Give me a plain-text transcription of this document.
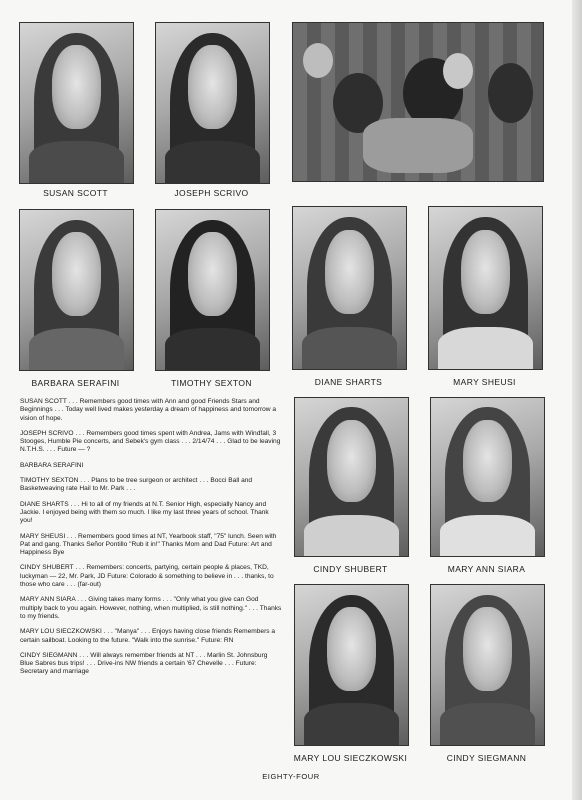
SUSAN SCOTT	JOSEPH SCRIVO
BARBARA SERAFINI	TIMOTHY SEXTON	DIANE SHARTS	MARY SHEUSI
CINDY SHUBERT	MARY ANN SIARA
MARY LOU SIECZKOWSKI	CINDY SIEGMANN

SUSAN SCOTT . . . Remembers good times with Ann and good Friends Stars and Beginnings . . . Today well lived makes yesterday a dream of happiness and tomorrow a vision of hope.

JOSEPH SCRIVO . . . Remembers good times spent with Andrea, Jams with Windfall, 3 Stooges, Humble Pie concerts, and Sebek's gym class . . . 2/14/74 . . . Glad to be leaving N.T.H.S. . . . Future — ?

BARBARA SERAFINI

TIMOTHY SEXTON . . . Plans to be tree surgeon or architect . . . Bocci Ball and Basketweaving rate Hail to Mr. Park . . .

DIANE SHARTS . . . Hi to all of my friends at N.T. Senior High, especially Nancy and Jackie. I enjoyed being with them so much. I like my last three years of school. Thank you!

MARY SHEUSI . . . Remembers good times at NT, Yearbook staff, "75" lunch. Seen with Pat and gang. Thanks Señor Pontillo "Rub it in!" Thanks Mom and Dad Future: Art and Happiness Bye

CINDY SHUBERT . . . Remembers: concerts, partying, certain people & places, TKD, luckyman — 22, Mr. Park, JD Future: Colorado & something to believe in . . . thanks, to those who care . . . (far-out)

MARY ANN SIARA . . . Giving takes many forms . . . "Only what you give can God multiply back to you again. However, nothing, when multiplied, is still nothing." . . . Thanks to my friends.

MARY LOU SIECZKOWSKI . . . "Manya" . . . Enjoys having close friends Remembers a certain sailboat. Looking to the future. "Walk into the sunrise." Future: RN

CINDY SIEGMANN . . . Will always remember friends at NT . . . Marlin St. Johnsburg Blue Sabres bus trips! . . . Drive-ins NW friends a certain '67 Chevelle . . . Future: Secretary and marriage

EIGHTY-FOUR
